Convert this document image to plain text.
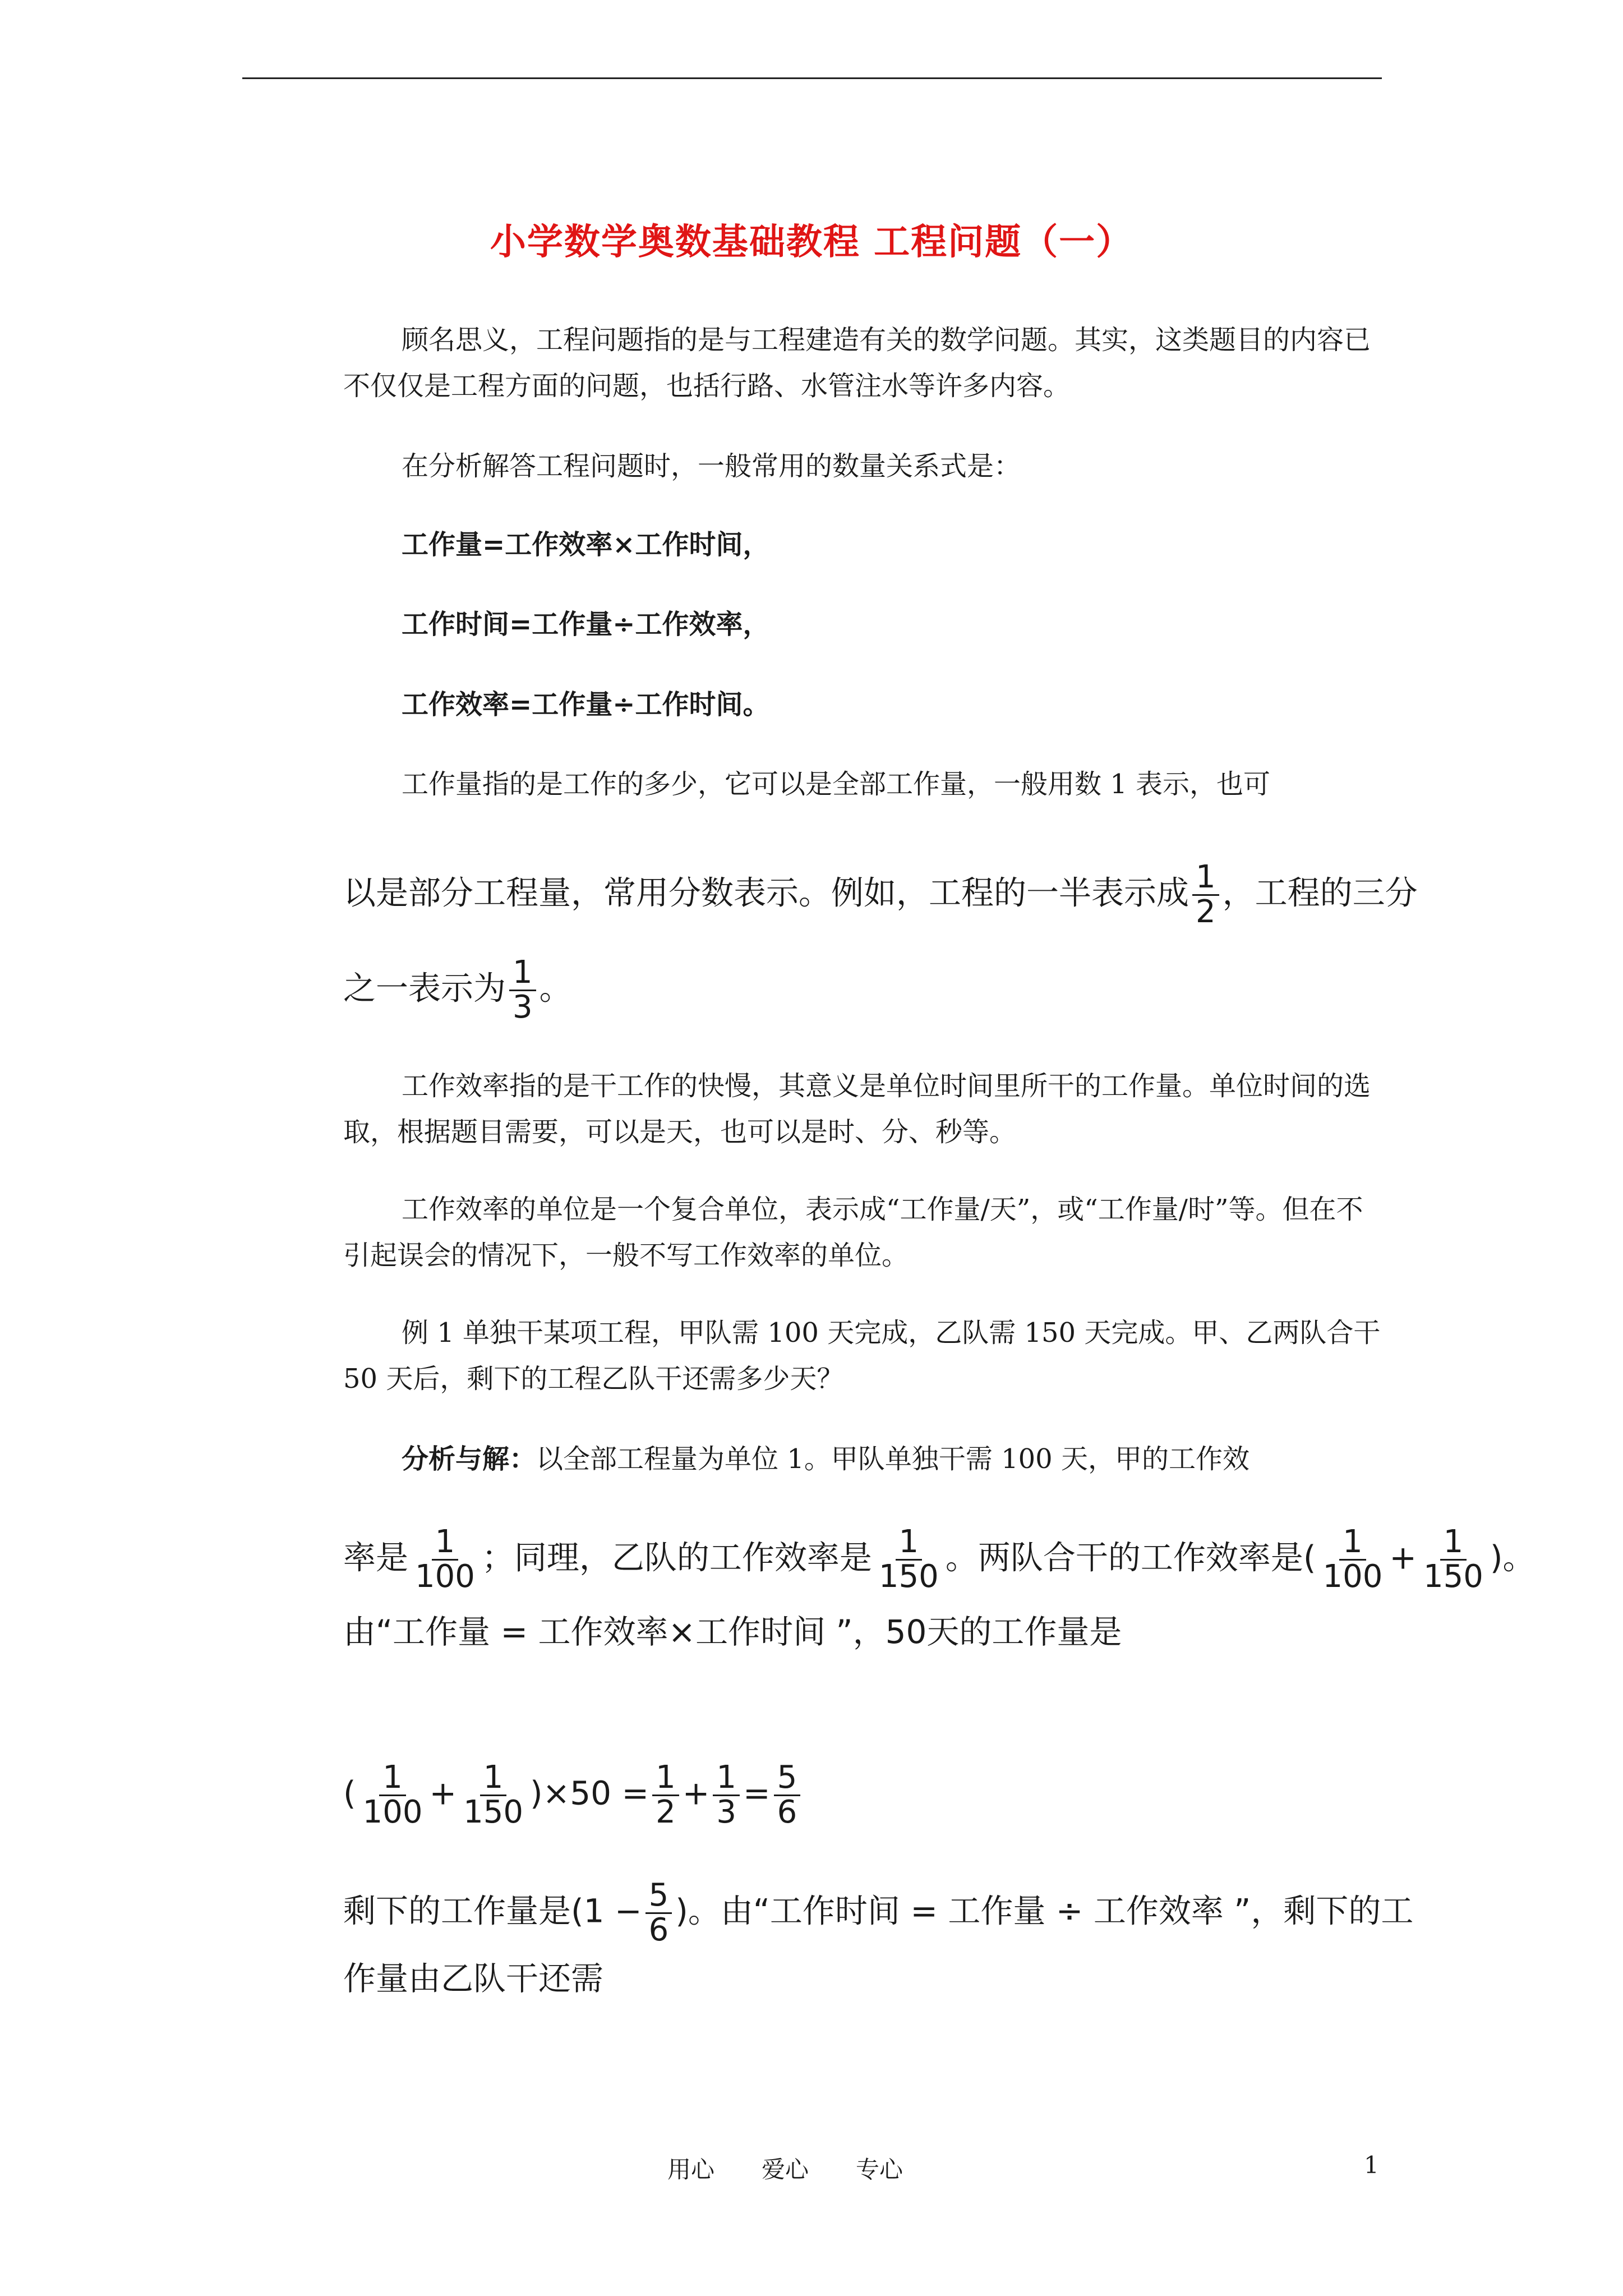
小学数学奥数基础教程 工程问题（一）
顾名思义，工程问题指的是与工程建造有关的数学问题。其实，这类题目的内容已不仅仅是工程方面的问题，也括行路、水管注水等许多内容。
在分析解答工程问题时，一般常用的数量关系式是：
工作量=工作效率×工作时间，
工作时间=工作量÷工作效率，
工作效率=工作量÷工作时间。
工作量指的是工作的多少，它可以是全部工作量，一般用数 1 表示，也可
以是部分工程量，常用分数表示。例如，工程的一半表示成 $\frac{1}{2}$ ，工程的三分
之一表示为 $\frac{1}{3}$ 。
工作效率指的是干工作的快慢，其意义是单位时间里所干的工作量。单位时间的选取，根据题目需要，可以是天，也可以是时、分、秒等。
工作效率的单位是一个复合单位，表示成“工作量/天”，或“工作量/时”等。但在不引起误会的情况下，一般不写工作效率的单位。
例 1 单独干某项工程，甲队需 100 天完成，乙队需 150 天完成。甲、乙两队合干 50 天后，剩下的工程乙队干还需多少天？
分析与解：以全部工程量为单位 1。甲队单独干需 100 天，甲的工作效
率是 $\frac{1}{100}$ ；同理，乙队的工作效率是 $\frac{1}{150}$ 。两队合干的工作效率是( $\frac{1}{100} + \frac{1}{150}$ )。
由“工作量 = 工作效率×工作时间 ”，50天的工作量是
( $\frac{1}{100} + \frac{1}{150} )\times 50 = \frac{1}{2} + \frac{1}{3} = \frac{5}{6}$
剩下的工作量是($1 - \frac{5}{6}$ )。由“工作时间 = 工作量 ÷ 工作效率 ”，剩下的工
作量由乙队干还需
用心　　爱心　　专心	1
